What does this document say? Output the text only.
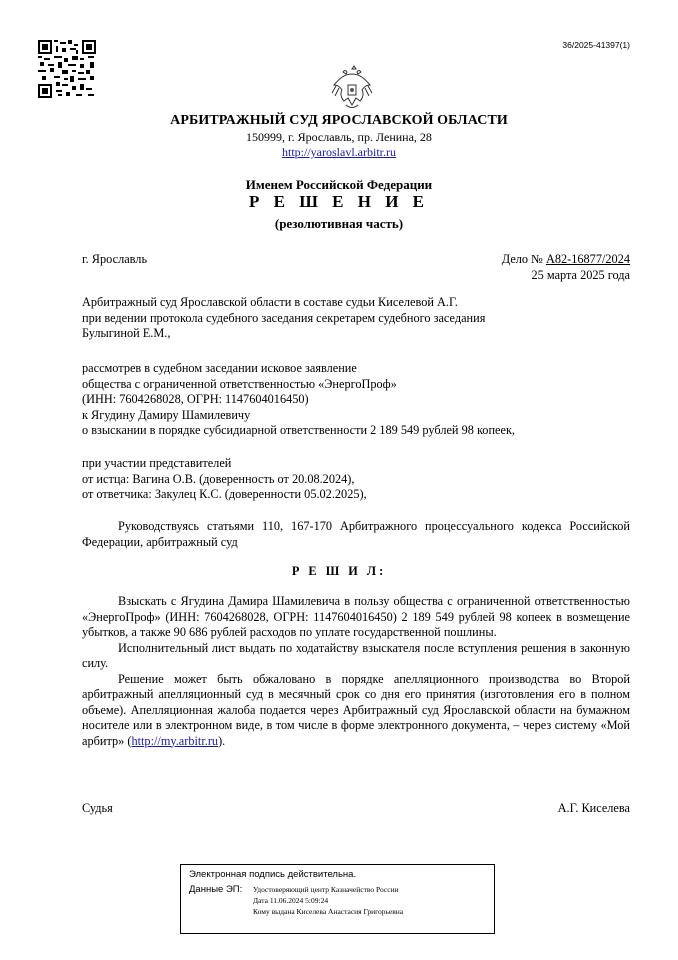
36/2025-41397(1)
АРБИТРАЖНЫЙ СУД ЯРОСЛАВСКОЙ ОБЛАСТИ
150999, г. Ярославль, пр. Ленина, 28
http://yaroslavl.arbitr.ru
Именем Российской Федерации
Р Е Ш Е Н И Е
(резолютивная часть)
г. Ярославль	Дело № А82-16877/2024
25 марта 2025 года
Арбитражный суд Ярославской области в составе судьи Киселевой А.Г.
при ведении протокола судебного заседания секретарем судебного заседания
Булыгиной Е.М.,
рассмотрев в судебном заседании исковое заявление
общества с ограниченной ответственностью «ЭнергоПроф»
(ИНН: 7604268028, ОГРН: 1147604016450)
к Ягудину Дамиру Шамилевичу
о взыскании в порядке субсидиарной ответственности 2 189 549 рублей 98 копеек,
при участии представителей
от истца: Вагина О.В. (доверенность от 20.08.2024),
от ответчика: Закулец К.С. (доверенности 05.02.2025),
Руководствуясь статьями 110, 167-170 Арбитражного процессуального кодекса Российской Федерации, арбитражный суд
Р Е Ш И Л:
Взыскать с Ягудина Дамира Шамилевича в пользу общества с ограниченной ответственностью «ЭнергоПроф» (ИНН: 7604268028, ОГРН: 1147604016450) 2 189 549 рублей 98 копеек в возмещение убытков, а также 90 686 рублей расходов по уплате государственной пошлины.
Исполнительный лист выдать по ходатайству взыскателя после вступления решения в законную силу.
Решение может быть обжаловано в порядке апелляционного производства во Второй арбитражный апелляционный суд в месячный срок со дня его принятия (изготовления его в полном объеме). Апелляционная жалоба подается через Арбитражный суд Ярославской области на бумажном носителе или в электронном виде, в том числе в форме электронного документа, – через систему «Мой арбитр» (http://my.arbitr.ru).
Судья	А.Г. Киселева
Электронная подпись действительна.
Данные ЭП:	Удостоверяющий центр Казначейство России
Дата 11.06.2024 5:09:24
Кому выдана Киселева Анастасия Григорьевна
